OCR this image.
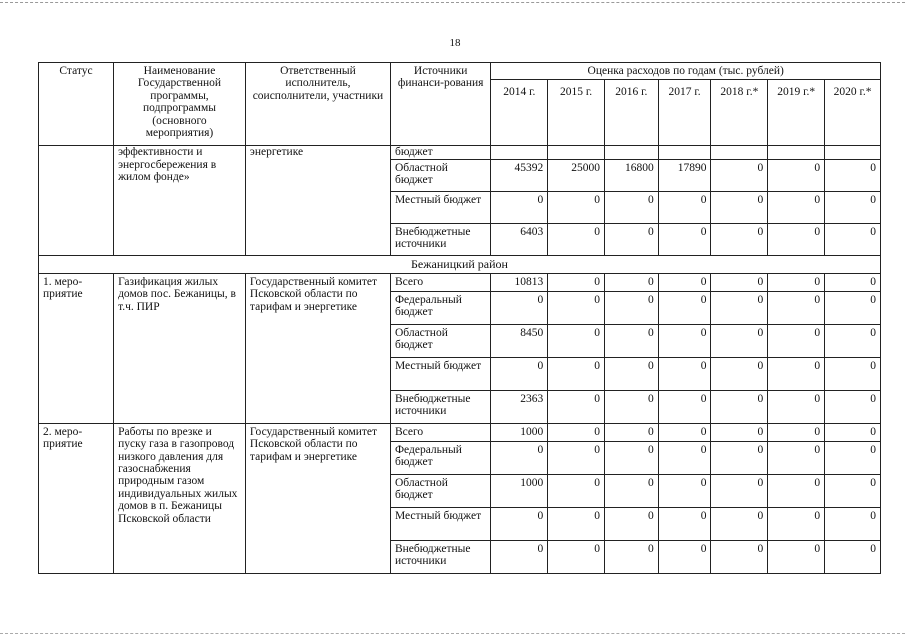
18
Статус	Наименование Государственной программы, подпрограммы (основного мероприятия)	Ответственный исполнитель, соисполнители, участники	Источники финанси-рования	Оценка расходов по годам (тыс. рублей)						
				2014 г.	2015 г.	2016 г.	2017 г.	2018 г.*	2019 г.*	2020 г.*
	эффективности и энергосбережения в жилом фонде»	энергетике	бюджет							
			Областной бюджет	45392	25000	16800	17890	0	0	0
			Местный бюджет	0	0	0	0	0	0	0
			Внебюджетные источники	6403	0	0	0	0	0	0
Бежаницкий район										
1. меро-приятие	Газификация жилых домов пос. Бежаницы, в т.ч. ПИР	Государственный комитет Псковской области по тарифам и энергетике	Всего	10813	0	0	0	0	0	0
			Федеральный бюджет	0	0	0	0	0	0	0
			Областной бюджет	8450	0	0	0	0	0	0
			Местный бюджет	0	0	0	0	0	0	0
			Внебюджетные источники	2363	0	0	0	0	0	0
2. меро-приятие	Работы по врезке и пуску газа в газопровод низкого давления для газоснабжения природным газом индивидуальных жилых домов в п. Бежаницы Псковской области	Государственный комитет Псковской области по тарифам и энергетике	Всего	1000	0	0	0	0	0	0
			Федеральный бюджет	0	0	0	0	0	0	0
			Областной бюджет	1000	0	0	0	0	0	0
			Местный бюджет	0	0	0	0	0	0	0
			Внебюджетные источники	0	0	0	0	0	0	0
